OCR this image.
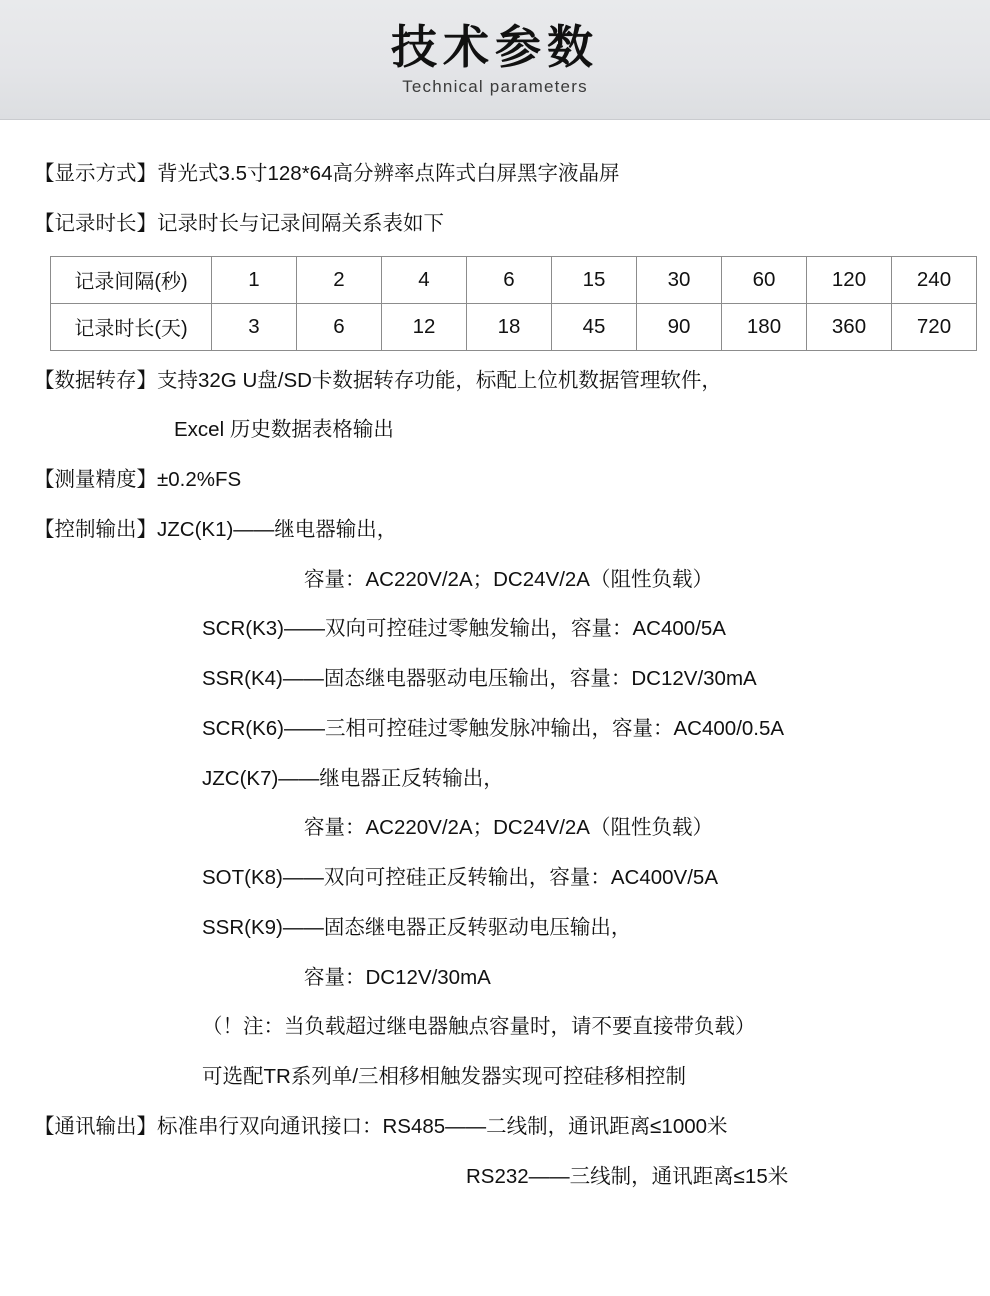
技术参数
Technical parameters
【显示方式】 背光式3.5寸128*64高分辨率点阵式白屏黑字液晶屏
【记录时长】 记录时长与记录间隔关系表如下
记录间隔(秒)	1	2	4	6	15	30	60	120	240
记录时长(天)	3	6	12	18	45	90	180	360	720
【数据转存】 支持32G U盘/SD卡数据转存功能，标配上位机数据管理软件，
Excel 历史数据表格输出
【测量精度】 ±0.2%FS
【控制输出】 JZC(K1)——继电器输出，
容量：AC220V/2A；DC24V/2A（阻性负载）
SCR(K3)——双向可控硅过零触发输出，容量：AC400/5A
SSR(K4)——固态继电器驱动电压输出，容量：DC12V/30mA
SCR(K6)——三相可控硅过零触发脉冲输出，容量：AC400/0.5A
JZC(K7)——继电器正反转输出，
容量：AC220V/2A；DC24V/2A（阻性负载）
SOT(K8)——双向可控硅正反转输出，容量：AC400V/5A
SSR(K9)——固态继电器正反转驱动电压输出，
容量：DC12V/30mA
（！注：当负载超过继电器触点容量时，请不要直接带负载）
可选配TR系列单/三相移相触发器实现可控硅移相控制
【通讯输出】 标准串行双向通讯接口：RS485——二线制，通讯距离≤1000米
RS232——三线制，通讯距离≤15米
